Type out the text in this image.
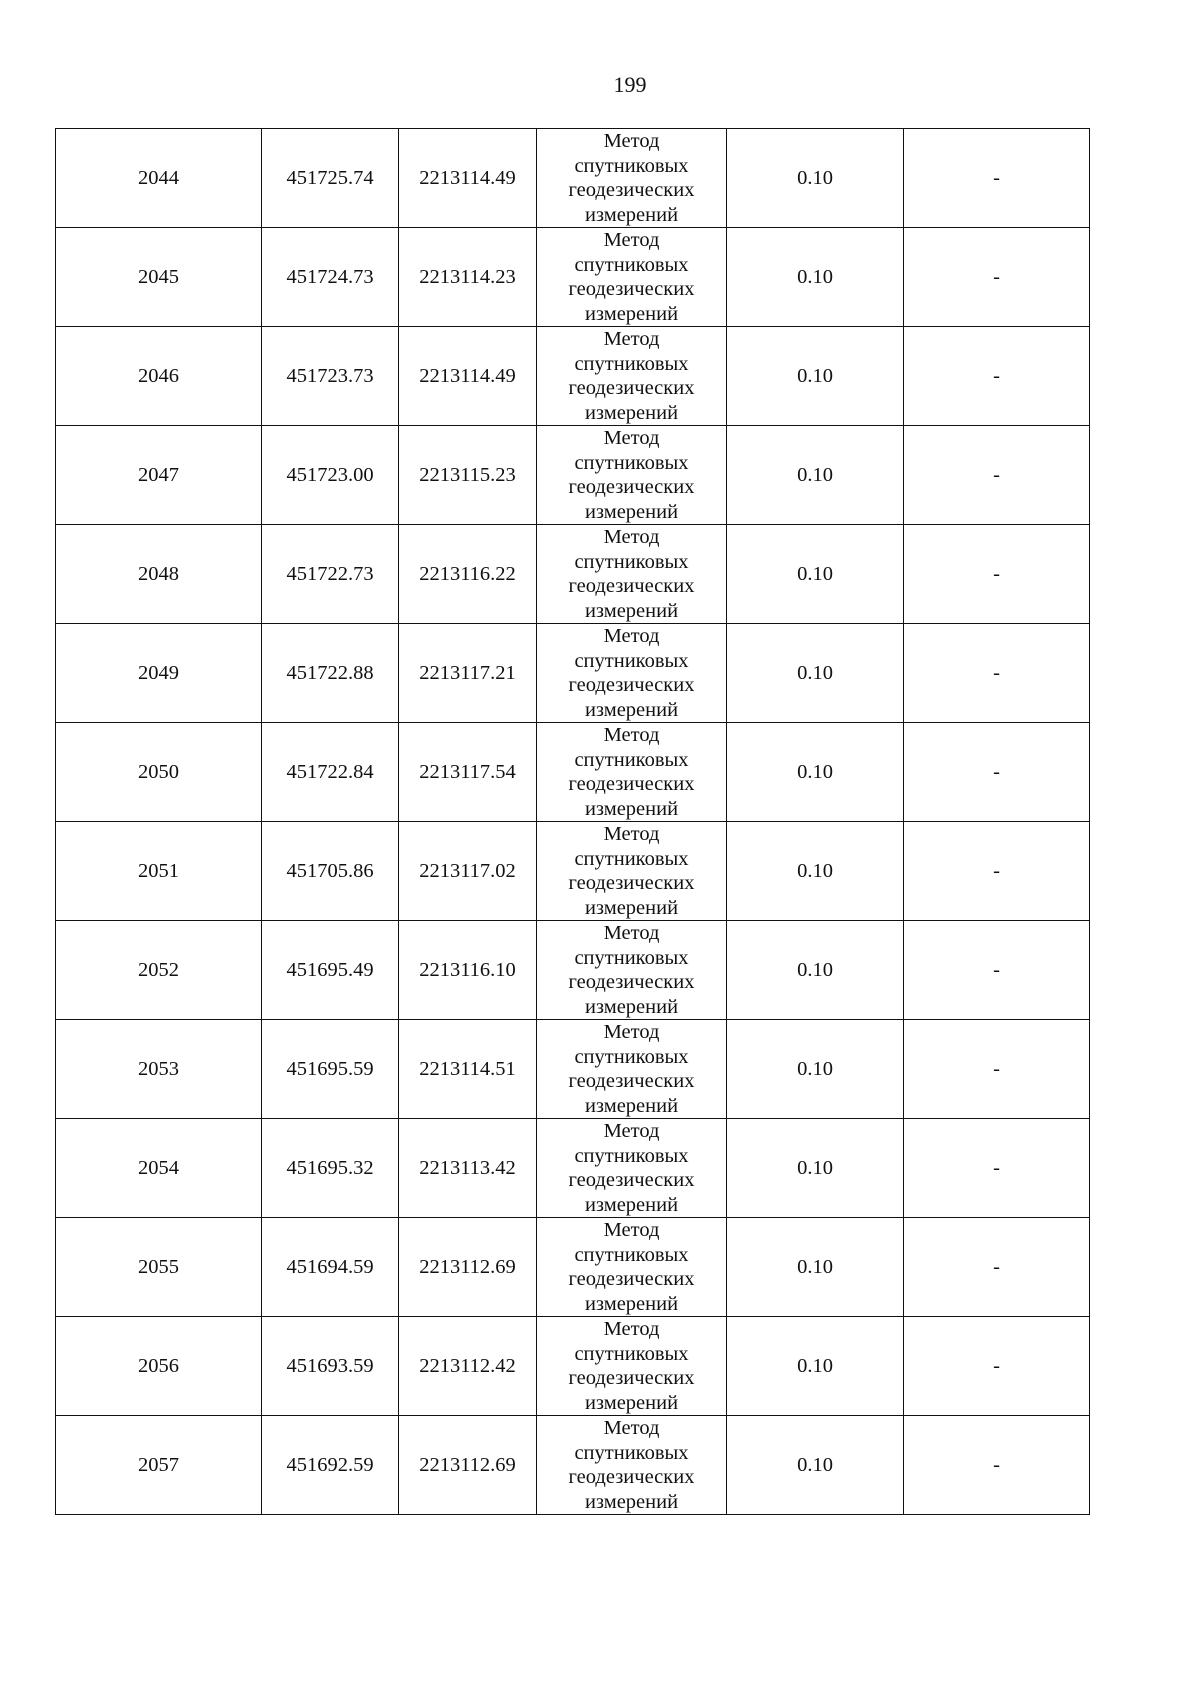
199
2044	451725.74	2213114.49	Метод
спутниковых
геодезических
измерений	0.10	-
2045	451724.73	2213114.23	Метод
спутниковых
геодезических
измерений	0.10	-
2046	451723.73	2213114.49	Метод
спутниковых
геодезических
измерений	0.10	-
2047	451723.00	2213115.23	Метод
спутниковых
геодезических
измерений	0.10	-
2048	451722.73	2213116.22	Метод
спутниковых
геодезических
измерений	0.10	-
2049	451722.88	2213117.21	Метод
спутниковых
геодезических
измерений	0.10	-
2050	451722.84	2213117.54	Метод
спутниковых
геодезических
измерений	0.10	-
2051	451705.86	2213117.02	Метод
спутниковых
геодезических
измерений	0.10	-
2052	451695.49	2213116.10	Метод
спутниковых
геодезических
измерений	0.10	-
2053	451695.59	2213114.51	Метод
спутниковых
геодезических
измерений	0.10	-
2054	451695.32	2213113.42	Метод
спутниковых
геодезических
измерений	0.10	-
2055	451694.59	2213112.69	Метод
спутниковых
геодезических
измерений	0.10	-
2056	451693.59	2213112.42	Метод
спутниковых
геодезических
измерений	0.10	-
2057	451692.59	2213112.69	Метод
спутниковых
геодезических
измерений	0.10	-
